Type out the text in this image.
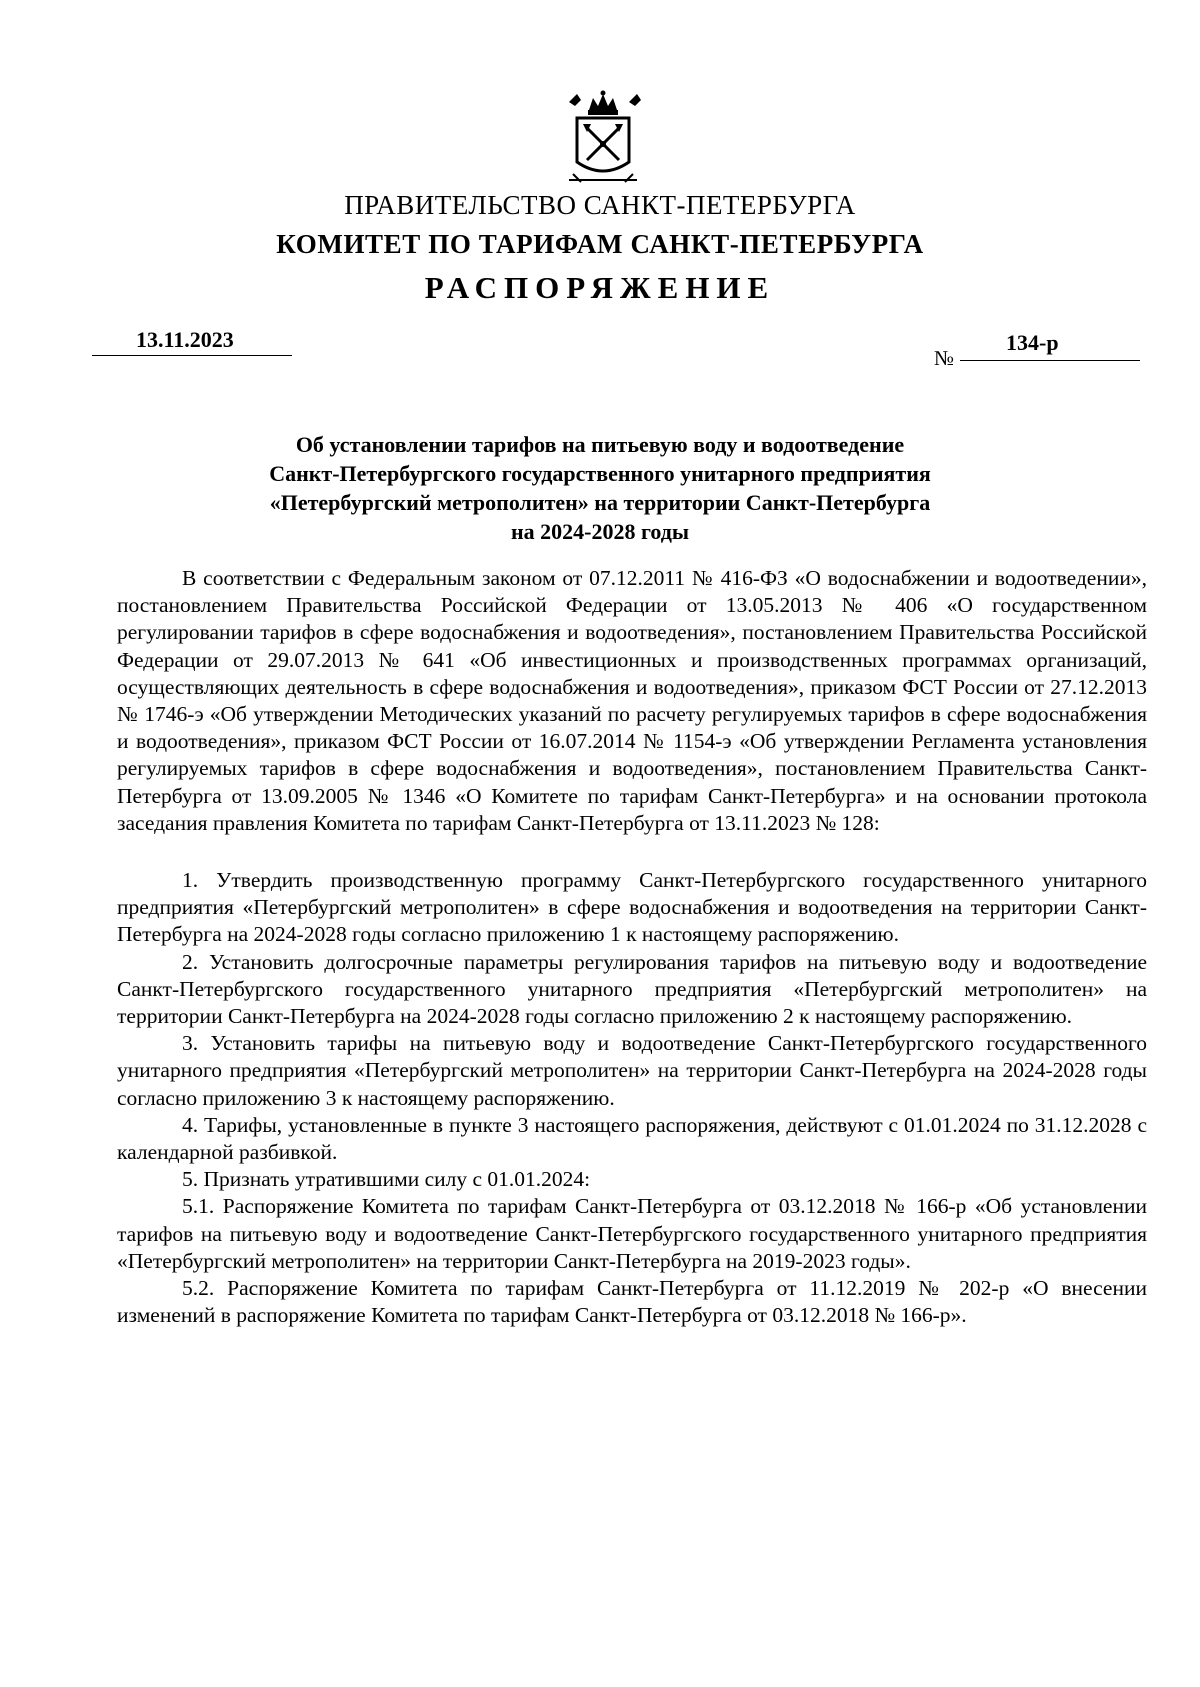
ПРАВИТЕЛЬСТВО САНКТ-ПЕТЕРБУРГА
КОМИТЕТ ПО ТАРИФАМ САНКТ-ПЕТЕРБУРГА
РАСПОРЯЖЕНИЕ
13.11.2023
№
134-р
Об установлении тарифов на питьевую воду и водоотведение
Санкт-Петербургского государственного унитарного предприятия
«Петербургский метрополитен» на территории Санкт-Петербурга
на 2024-2028 годы

В соответствии с Федеральным законом от 07.12.2011 № 416-ФЗ «О водоснабжении и водоотведении», постановлением Правительства Российской Федерации от 13.05.2013 № 406 «О государственном регулировании тарифов в сфере водоснабжения и водоотведения», постановлением Правительства Российской Федерации от 29.07.2013 № 641 «Об инвестиционных и производственных программах организаций, осуществляющих деятельность в сфере водоснабжения и водоотведения», приказом ФСТ России от 27.12.2013 № 1746-э «Об утверждении Методических указаний по расчету регулируемых тарифов в сфере водоснабжения и водоотведения», приказом ФСТ России от 16.07.2014 № 1154-э «Об утверждении Регламента установления регулируемых тарифов в сфере водоснабжения и водоотведения», постановлением Правительства Санкт-Петербурга от 13.09.2005 № 1346 «О Комитете по тарифам Санкт-Петербурга» и на основании протокола заседания правления Комитета по тарифам Санкт-Петербурга от 13.11.2023 № 128:

1. Утвердить производственную программу Санкт-Петербургского государственного унитарного предприятия «Петербургский метрополитен» в сфере водоснабжения и водоотведения на территории Санкт-Петербурга на 2024-2028 годы согласно приложению 1 к настоящему распоряжению.

2. Установить долгосрочные параметры регулирования тарифов на питьевую воду и водоотведение Санкт-Петербургского государственного унитарного предприятия «Петербургский метрополитен» на территории Санкт-Петербурга на 2024-2028 годы согласно приложению 2 к настоящему распоряжению.

3. Установить тарифы на питьевую воду и водоотведение Санкт-Петербургского государственного унитарного предприятия «Петербургский метрополитен» на территории Санкт-Петербурга на 2024-2028 годы согласно приложению 3 к настоящему распоряжению.

4. Тарифы, установленные в пункте 3 настоящего распоряжения, действуют с 01.01.2024 по 31.12.2028 с календарной разбивкой.

5. Признать утратившими силу с 01.01.2024:

5.1. Распоряжение Комитета по тарифам Санкт-Петербурга от 03.12.2018 № 166-р «Об установлении тарифов на питьевую воду и водоотведение Санкт-Петербургского государственного унитарного предприятия «Петербургский метрополитен» на территории Санкт-Петербурга на 2019-2023 годы».

5.2. Распоряжение Комитета по тарифам Санкт-Петербурга от 11.12.2019 № 202-р «О внесении изменений в распоряжение Комитета по тарифам Санкт-Петербурга от 03.12.2018 № 166-р».
